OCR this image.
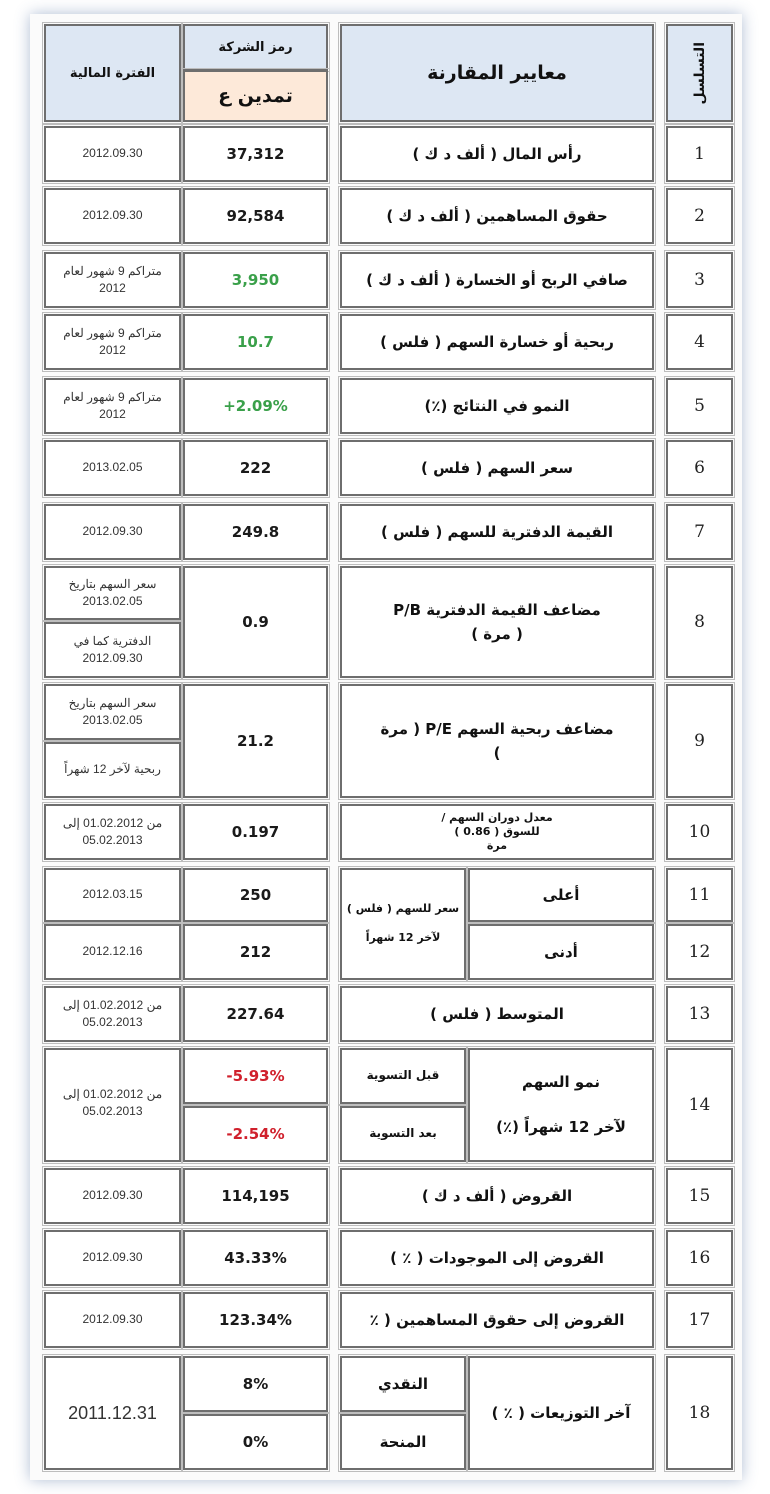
التسلسل
معايير المقارنة
رمز الشركة
تمدين ع
الفترة المالية
1
رأس المال ( ألف د ك )
37,312
2012.09.30
2
حقوق المساهمين ( ألف د ك )
92,584
2012.09.30
3
صافي الربح أو الخسارة ( ألف د ك )
3,950
متراكم 9 شهور لعام 2012
4
ربحية أو خسارة السهم ( فلس )
10.7
متراكم 9 شهور لعام 2012
5
النمو في النتائج (٪)
+2.09%
متراكم 9 شهور لعام 2012
6
سعر السهم ( فلس )
222
2013.02.05
7
القيمة الدفترية للسهم ( فلس )
249.8
2012.09.30
8
مضاعف القيمة الدفترية P/B
( مرة )
0.9
سعر السهم بتاريخ 2013.02.05
الدفترية كما في 2012.09.30
9
مضاعف ربحية السهم P/E ( مرة
)
21.2
سعر السهم بتاريخ 2013.02.05
ربحية لآخر 12 شهراً
10
معدل دوران السهم /
للسوق ( 0.86 )
مرة
0.197
من 01.02.2012 إلى 05.02.2013
11
12
أعلى
أدنى
سعر للسهم ( فلس )
لآخر 12 شهراً
250
212
2012.03.15
2012.12.16
13
المتوسط ( فلس )
227.64
من 01.02.2012 إلى 05.02.2013
14
نمو السهم
لآخر 12 شهراً (٪)
قبل التسوية
بعد التسوية
-5.93%
-2.54%
من 01.02.2012 إلى 05.02.2013
15
القروض ( ألف د ك )
114,195
2012.09.30
16
القروض إلى الموجودات ( ٪ )
43.33%
2012.09.30
17
القروض إلى حقوق المساهمين ( ٪
123.34%
2012.09.30
18
آخر التوزيعات ( ٪ )
النقدي
المنحة
8%
0%
2011.12.31
